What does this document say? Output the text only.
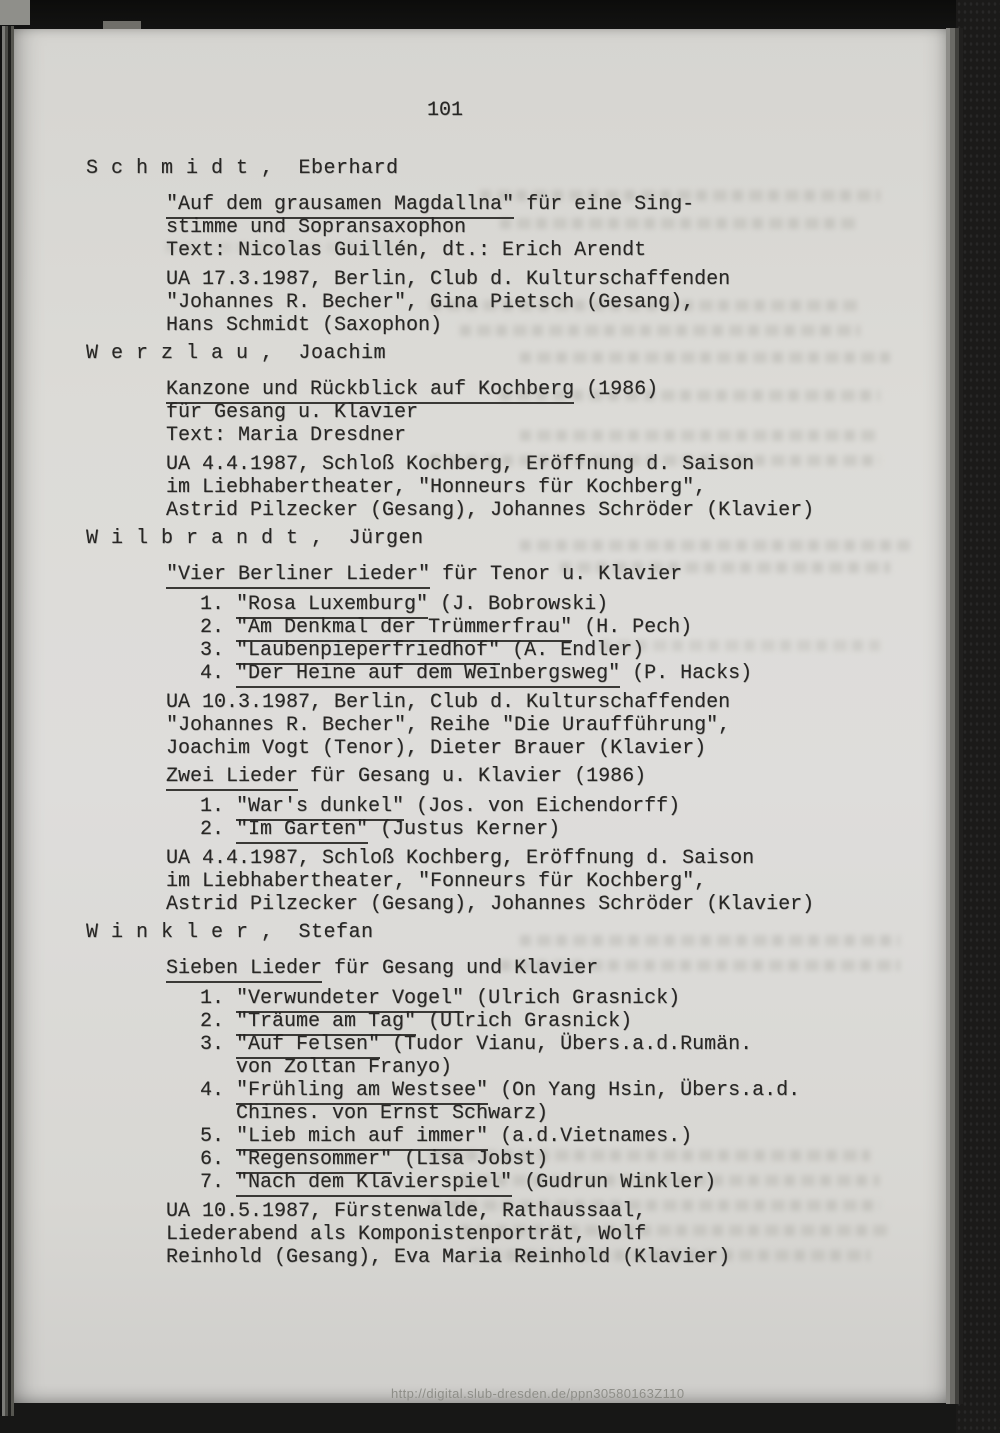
101
S c h m i d t ,  Eberhard
"Auf dem grausamen Magdallna" für eine Sing-
stimme und Sopransaxophon
Text: Nicolas Guillén, dt.: Erich Arendt
UA 17.3.1987, Berlin, Club d. Kulturschaffenden
"Johannes R. Becher", Gina Pietsch (Gesang),
Hans Schmidt (Saxophon)
W e r z l a u ,  Joachim
Kanzone und Rückblick auf Kochberg (1986)
für Gesang u. Klavier
Text: Maria Dresdner
UA 4.4.1987, Schloß Kochberg, Eröffnung d. Saison
im Liebhabertheater, "Honneurs für Kochberg",
Astrid Pilzecker (Gesang), Johannes Schröder (Klavier)
W i l b r a n d t ,  Jürgen
"Vier Berliner Lieder" für Tenor u. Klavier
1. "Rosa Luxemburg" (J. Bobrowski)
2. "Am Denkmal der Trümmerfrau" (H. Pech)
3. "Laubenpieperfriedhof" (A. Endler)
4. "Der Heine auf dem Weinbergsweg" (P. Hacks)
UA 10.3.1987, Berlin, Club d. Kulturschaffenden
"Johannes R. Becher", Reihe "Die Uraufführung",
Joachim Vogt (Tenor), Dieter Brauer (Klavier)
Zwei Lieder für Gesang u. Klavier (1986)
1. "War's dunkel" (Jos. von Eichendorff)
2. "Im Garten" (Justus Kerner)
UA 4.4.1987, Schloß Kochberg, Eröffnung d. Saison
im Liebhabertheater, "Fonneurs für Kochberg",
Astrid Pilzecker (Gesang), Johannes Schröder (Klavier)
W i n k l e r ,  Stefan
Sieben Lieder für Gesang und Klavier
1. "Verwundeter Vogel" (Ulrich Grasnick)
2. "Träume am Tag" (Ulrich Grasnick)
3. "Auf Felsen" (Tudor Vianu, Übers.a.d.Rumän.
von Zoltan Franyo)
4. "Frühling am Westsee" (On Yang Hsin, Übers.a.d.
Chines. von Ernst Schwarz)
5. "Lieb mich auf immer" (a.d.Vietnames.)
6. "Regensommer" (Lisa Jobst)
7. "Nach dem Klavierspiel" (Gudrun Winkler)
UA 10.5.1987, Fürstenwalde, Rathaussaal,
Liederabend als Komponistenporträt, Wolf
Reinhold (Gesang), Eva Maria Reinhold (Klavier)
http://digital.slub-dresden.de/ppn30580163Z110
